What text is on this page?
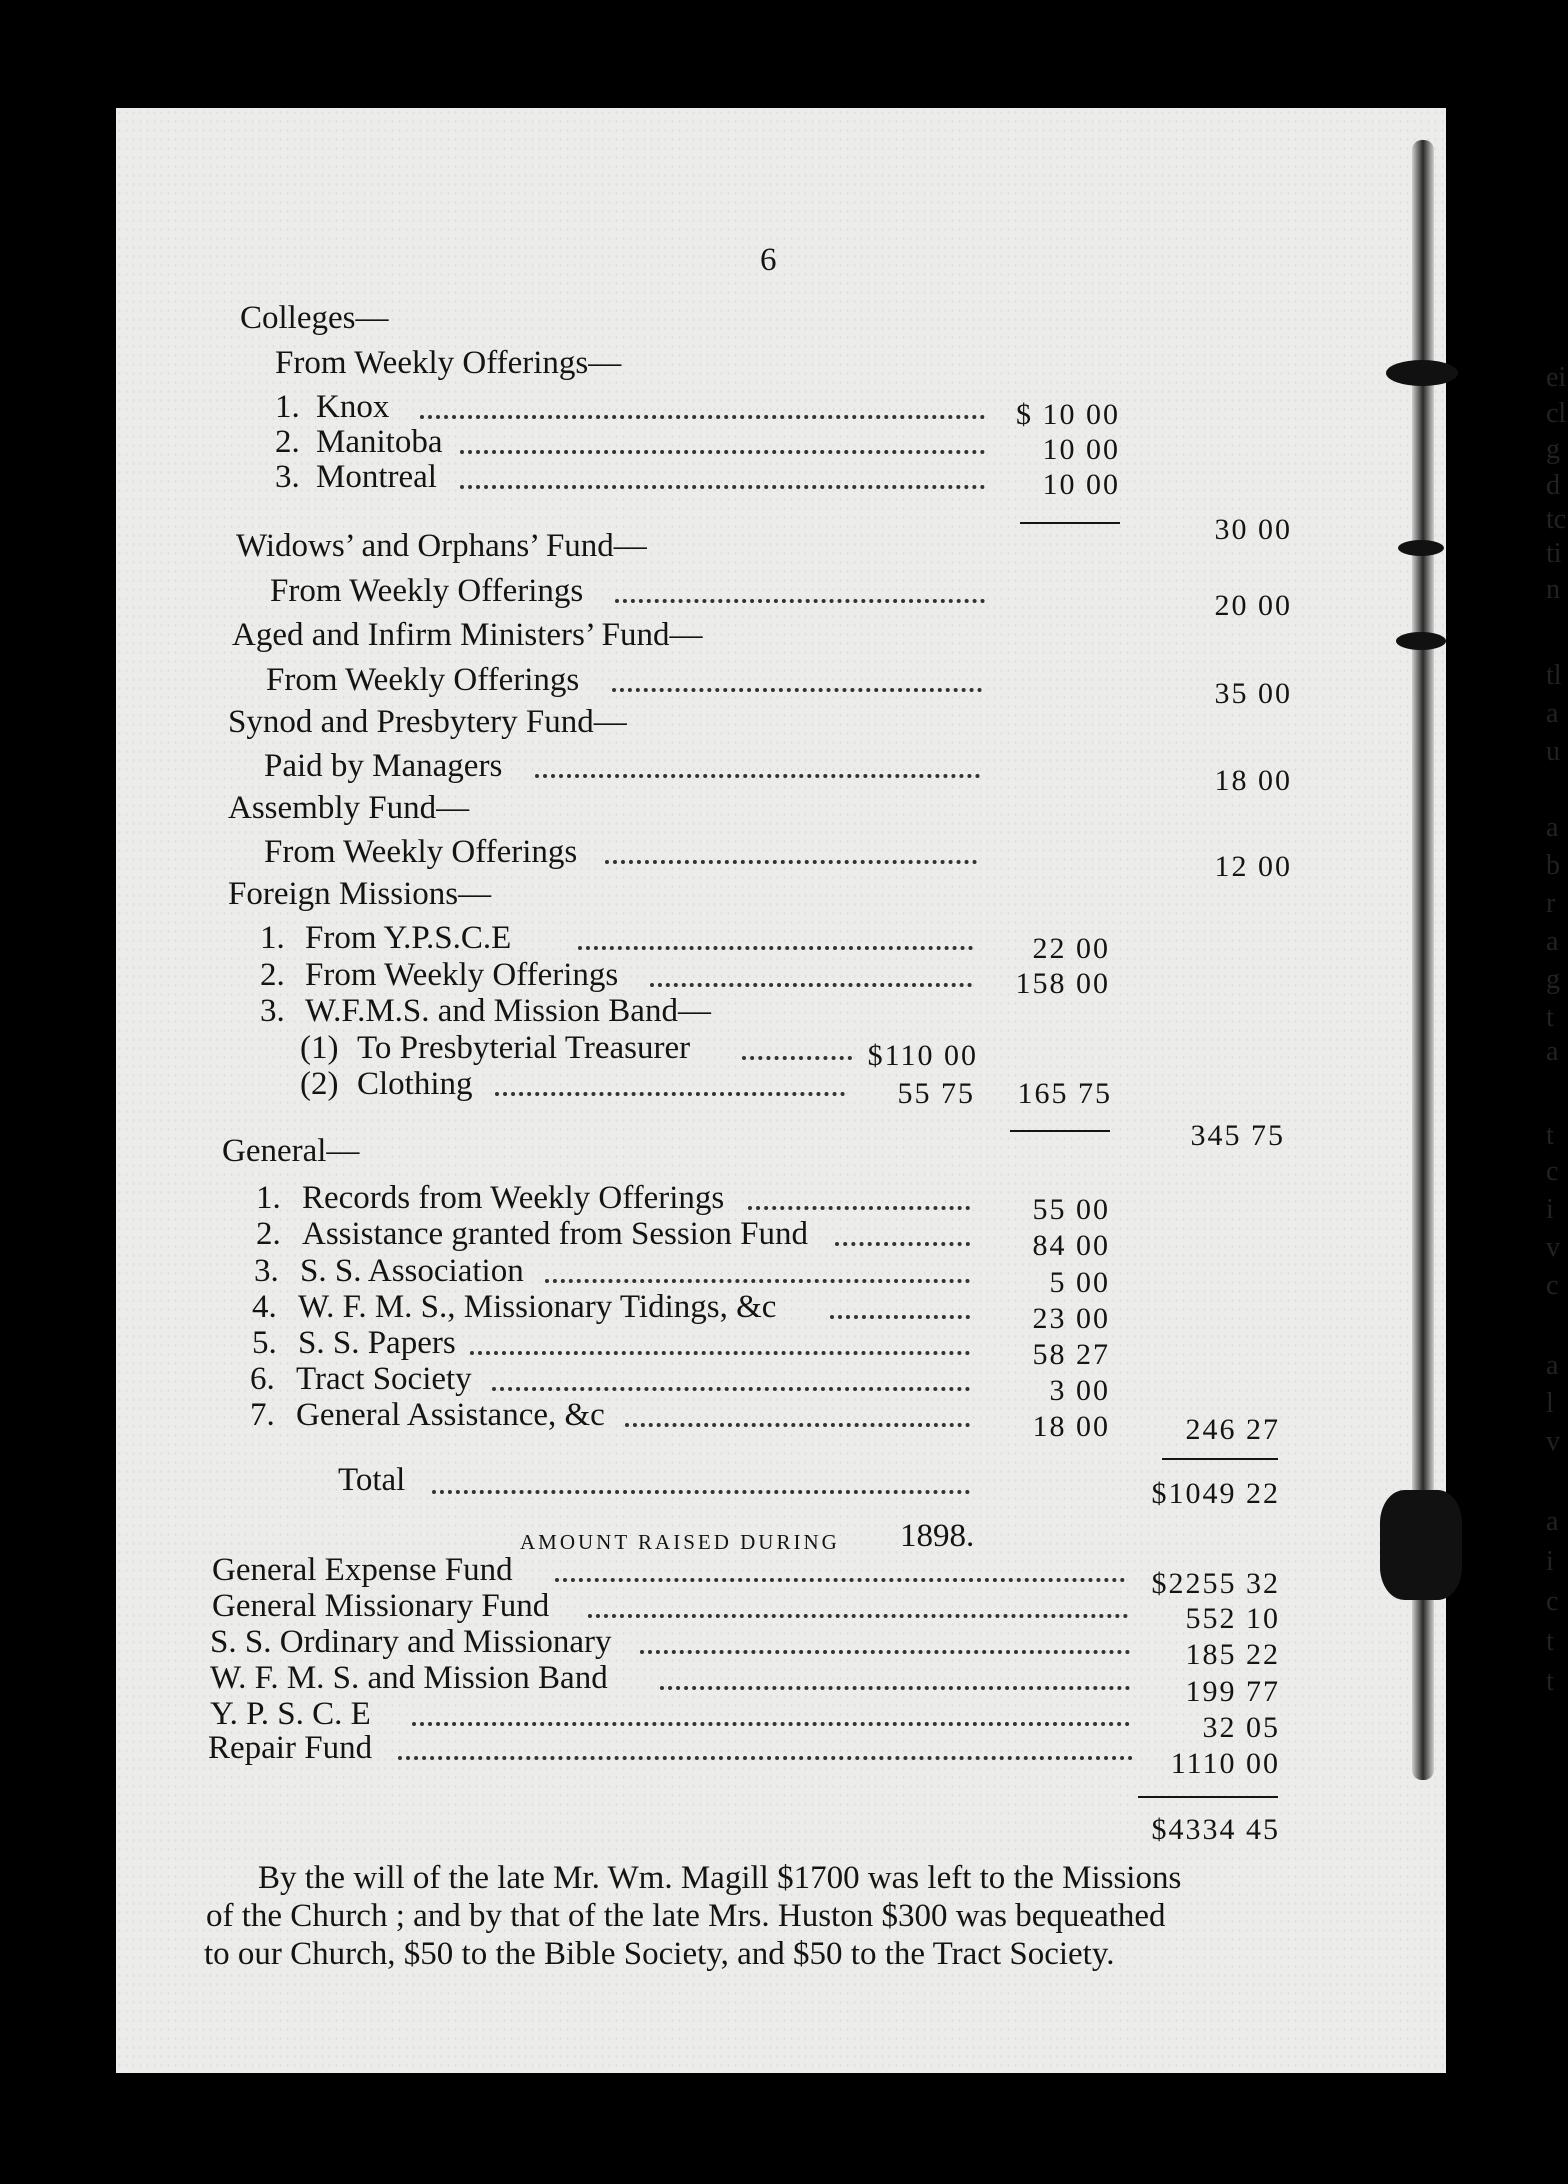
ei
cl
g
d
tc
ti
n
tl
a
u
a
b
r
a
g
t
a
t
c
i
v
c
a
l
v
a
i
c
t
t
6
Colleges—
From Weekly Offerings—
1. Knox	$ 10 00
2. Manitoba	10 00
3. Montreal	10 00
30 00
Widows’ and Orphans’ Fund—
From Weekly Offerings	20 00
Aged and Infirm Ministers’ Fund—
From Weekly Offerings	35 00
Synod and Presbytery Fund—
Paid by Managers	18 00
Assembly Fund—
From Weekly Offerings	12 00
Foreign Missions—
1. From Y.P.S.C.E	22 00
2. From Weekly Offerings	158 00
3. W.F.M.S. and Mission Band—
(1) To Presbyterial Treasurer	$110 00
(2) Clothing	55 75	165 75
345 75
General—
1. Records from Weekly Offerings	55 00
2. Assistance granted from Session Fund	84 00
3. S. S. Association	5 00
4. W. F. M. S., Missionary Tidings, &c	23 00
5. S. S. Papers	58 27
6. Tract Society	3 00
7. General Assistance, &c	18 00	246 27
Total	$1049 22
AMOUNT RAISED DURING 1898.
General Expense Fund	$2255 32
General Missionary Fund	552 10
S. S. Ordinary and Missionary	185 22
W. F. M. S. and Mission Band	199 77
Y. P. S. C. E	32 05
Repair Fund	1110 00
$4334 45
By the will of the late Mr. Wm. Magill $1700 was left to the Missions
of the Church ; and by that of the late Mrs. Huston $300 was bequeathed
to our Church, $50 to the Bible Society, and $50 to the Tract Society.
